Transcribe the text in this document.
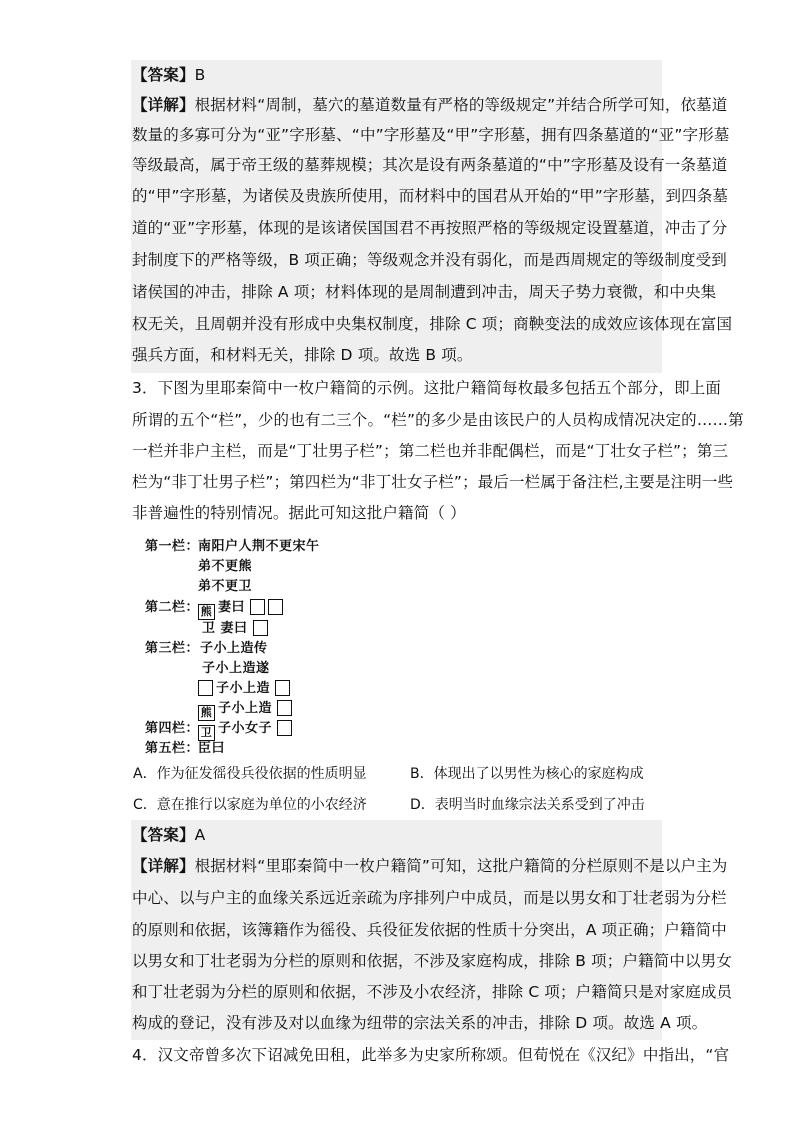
【答案】B
【详解】根据材料“周制，墓穴的墓道数量有严格的等级规定”并结合所学可知，依墓道
数量的多寡可分为“亚”字形墓、“中”字形墓及“甲”字形墓，拥有四条墓道的“亚”字形墓
等级最高，属于帝王级的墓葬规模；其次是设有两条墓道的“中”字形墓及设有一条墓道
的“甲”字形墓，为诸侯及贵族所使用，而材料中的国君从开始的“甲”字形墓，到四条墓
道的“亚”字形墓，体现的是该诸侯国国君不再按照严格的等级规定设置墓道，冲击了分
封制度下的严格等级，B 项正确；等级观念并没有弱化，而是西周规定的等级制度受到
诸侯国的冲击，排除 A 项；材料体现的是周制遭到冲击，周天子势力衰微，和中央集
权无关，且周朝并没有形成中央集权制度，排除 C 项；商鞅变法的成效应该体现在富国
强兵方面，和材料无关，排除 D 项。故选 B 项。
3．下图为里耶秦简中一枚户籍简的示例。这批户籍简每枚最多包括五个部分，即上面
所谓的五个“栏”，少的也有二三个。“栏”的多少是由该民户的人员构成情况决定的……第
一栏并非户主栏，而是“丁壮男子栏”；第二栏也并非配偶栏，而是“丁壮女子栏”；第三
栏为“非丁壮男子栏”；第四栏为“非丁壮女子栏”；最后一栏属于备注栏,主要是注明一些
非普遍性的特别情况。据此可知这批户籍简（ ）
第一栏：
南阳户人荆不更宋午
弟不更熊
弟不更卫
第二栏： 熊 妻曰
卫 妻曰
第三栏： 子小上造传
子小上造遂
子小上造
熊 子小上造
第四栏： 卫 子小女子
第五栏：
臣曰
A．作为征发徭役兵役依据的性质明显	B．体现出了以男性为核心的家庭构成
C．意在推行以家庭为单位的小农经济	D．表明当时血缘宗法关系受到了冲击
【答案】A
【详解】根据材料“里耶秦简中一枚户籍简”可知，这批户籍简的分栏原则不是以户主为
中心、以与户主的血缘关系远近亲疏为序排列户中成员，而是以男女和丁壮老弱为分栏
的原则和依据，该簿籍作为徭役、兵役征发依据的性质十分突出，A 项正确；户籍简中
以男女和丁壮老弱为分栏的原则和依据，不涉及家庭构成，排除 B 项；户籍简中以男女
和丁壮老弱为分栏的原则和依据，不涉及小农经济，排除 C 项；户籍简只是对家庭成员
构成的登记，没有涉及对以血缘为纽带的宗法关系的冲击，排除 D 项。故选 A 项。
4．汉文帝曾多次下诏减免田租，此举多为史家所称颂。但荀悦在《汉纪》中指出，“官
